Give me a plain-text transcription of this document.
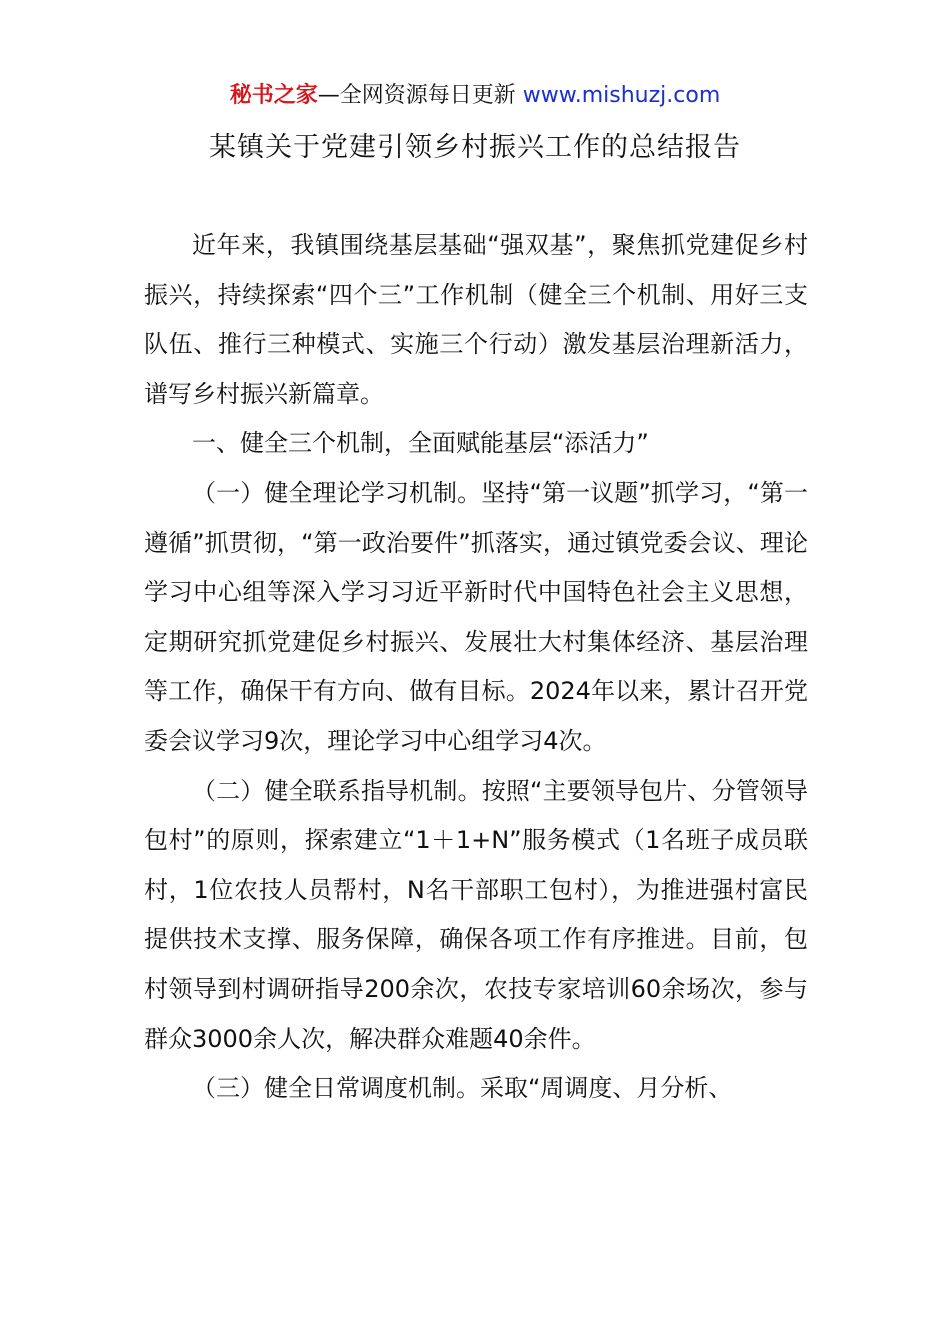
秘书之家—全网资源每日更新 www.mishuzj.com
某镇关于党建引领乡村振兴工作的总结报告

近年来，我镇围绕基层基础“强双基”，聚焦抓党建促乡村振兴，持续探索“四个三”工作机制（健全三个机制、用好三支队伍、推行三种模式、实施三个行动）激发基层治理新活力，谱写乡村振兴新篇章。

一、健全三个机制，全面赋能基层“添活力”

（一）健全理论学习机制。坚持“第一议题”抓学习，“第一遵循”抓贯彻，“第一政治要件”抓落实，通过镇党委会议、理论学习中心组等深入学习习近平新时代中国特色社会主义思想，定期研究抓党建促乡村振兴、发展壮大村集体经济、基层治理等工作，确保干有方向、做有目标。2024年以来，累计召开党委会议学习9次，理论学习中心组学习4次。

（二）健全联系指导机制。按照“主要领导包片、分管领导包村”的原则，探索建立“1＋1+N”服务模式（1名班子成员联村，1位农技人员帮村，N名干部职工包村），为推进强村富民提供技术支撑、服务保障，确保各项工作有序推进。目前，包村领导到村调研指导200余次，农技专家培训60余场次，参与群众3000余人次，解决群众难题40余件。

（三）健全日常调度机制。采取“周调度、月分析、
